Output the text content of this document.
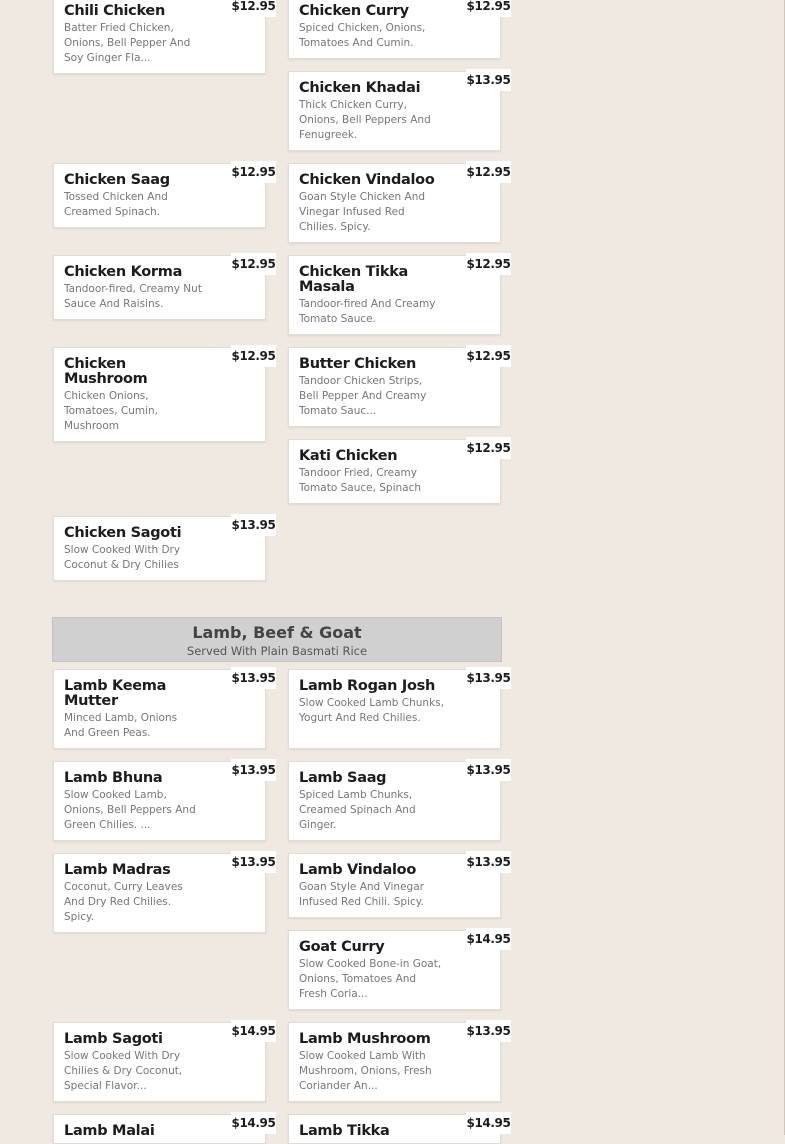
Chili Chicken
Batter Fried Chicken, Onions, Bell Pepper And Soy Ginger Fla...
$12.95 Chicken Curry
Spiced Chicken, Onions, Tomatoes And Cumin.
$12.95
Chicken Khadai
Thick Chicken Curry, Onions, Bell Peppers And Fenugreek.
$13.95
Chicken Saag
Tossed Chicken And Creamed Spinach.
$12.95 Chicken Vindaloo
Goan Style Chicken And Vinegar Infused Red Chilies. Spicy.
$12.95
Chicken Korma
Tandoor-fired, Creamy Nut Sauce And Raisins.
$12.95 Chicken Tikka Masala
Tandoor-fired And Creamy Tomato Sauce.
$12.95
Chicken Mushroom
Chicken Onions, Tomatoes, Cumin, Mushroom
$12.95 Butter Chicken
Tandoor Chicken Strips, Bell Pepper And Creamy Tomato Sauc...
$12.95
Kati Chicken
Tandoor Fried, Creamy Tomato Sauce, Spinach
$12.95
Chicken Sagoti
Slow Cooked With Dry Coconut & Dry Chilies
$13.95
Lamb, Beef & Goat
Served With Plain Basmati Rice
Lamb Keema Mutter
Minced Lamb, Onions And Green Peas.
$13.95 Lamb Rogan Josh
Slow Cooked Lamb Chunks, Yogurt And Red Chilies.
$13.95
Lamb Bhuna
Slow Cooked Lamb, Onions, Bell Peppers And Green Chilies. ...
$13.95 Lamb Saag
Spiced Lamb Chunks, Creamed Spinach And Ginger.
$13.95
Lamb Madras
Coconut, Curry Leaves And Dry Red Chilies. Spicy.
$13.95 Lamb Vindaloo
Goan Style And Vinegar Infused Red Chili. Spicy.
$13.95
Goat Curry
Slow Cooked Bone-in Goat, Onions, Tomatoes And Fresh Coria...
$14.95
Lamb Sagoti
Slow Cooked With Dry Chilies & Dry Coconut, Special Flavor...
$14.95 Lamb Mushroom
Slow Cooked Lamb With Mushroom, Onions, Fresh Coriander An...
$13.95
Lamb Malai	$14.95 Lamb Tikka	$14.95
